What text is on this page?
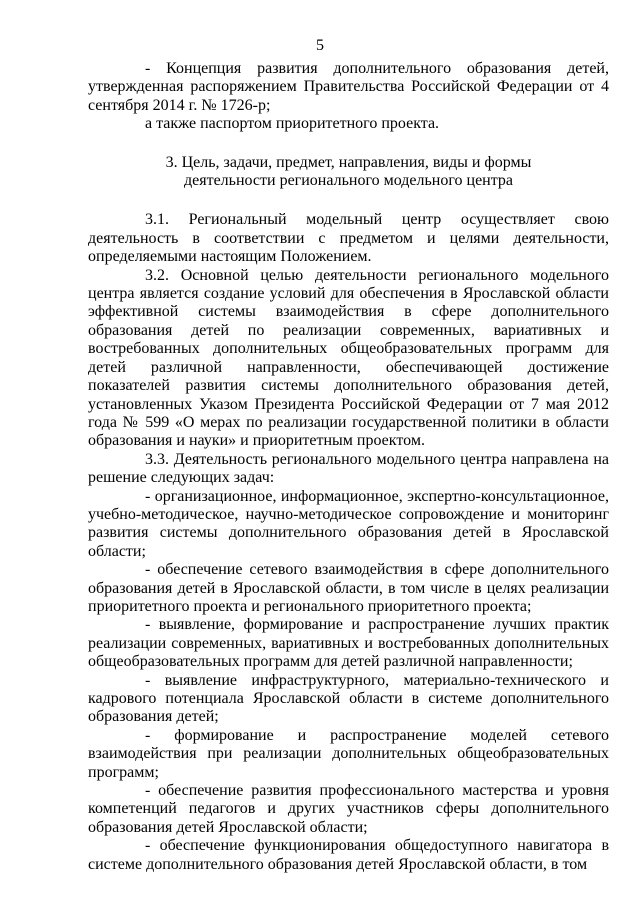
5

- Концепция развития дополнительного образования детей, утвержденная распоряжением Правительства Российской Федерации от 4 сентября 2014 г. № 1726-р;

а также паспортом приоритетного проекта.

3. Цель, задачи, предмет, направления, виды и формы деятельности регионального модельного центра

3.1. Региональный модельный центр осуществляет свою деятельность в соответствии с предметом и целями деятельности, определяемыми настоящим Положением.

3.2. Основной целью деятельности регионального модельного центра является создание условий для обеспечения в Ярославской области эффективной системы взаимодействия в сфере дополнительного образования детей по реализации современных, вариативных и востребованных дополнительных общеобразовательных программ для детей различной направленности, обеспечивающей достижение показателей развития системы дополнительного образования детей, установленных Указом Президента Российской Федерации от 7 мая 2012 года № 599 «О мерах по реализации государственной политики в области образования и науки» и приоритетным проектом.

3.3. Деятельность регионального модельного центра направлена на решение следующих задач:

- организационное, информационное, экспертно-консультационное, учебно-методическое, научно-методическое сопровождение и мониторинг развития системы дополнительного образования детей в Ярославской области;

- обеспечение сетевого взаимодействия в сфере дополнительного образования детей в Ярославской области, в том числе в целях реализации приоритетного проекта и регионального приоритетного проекта;

- выявление, формирование и распространение лучших практик реализации современных, вариативных и востребованных дополнительных общеобразовательных программ для детей различной направленности;

- выявление инфраструктурного, материально-технического и кадрового потенциала Ярославской области в системе дополнительного образования детей;

- формирование и распространение моделей сетевого взаимодействия при реализации дополнительных общеобразовательных программ;

- обеспечение развития профессионального мастерства и уровня компетенций педагогов и других участников сферы дополнительного образования детей Ярославской области;

- обеспечение функционирования общедоступного навигатора в системе дополнительного образования детей Ярославской области, в том
